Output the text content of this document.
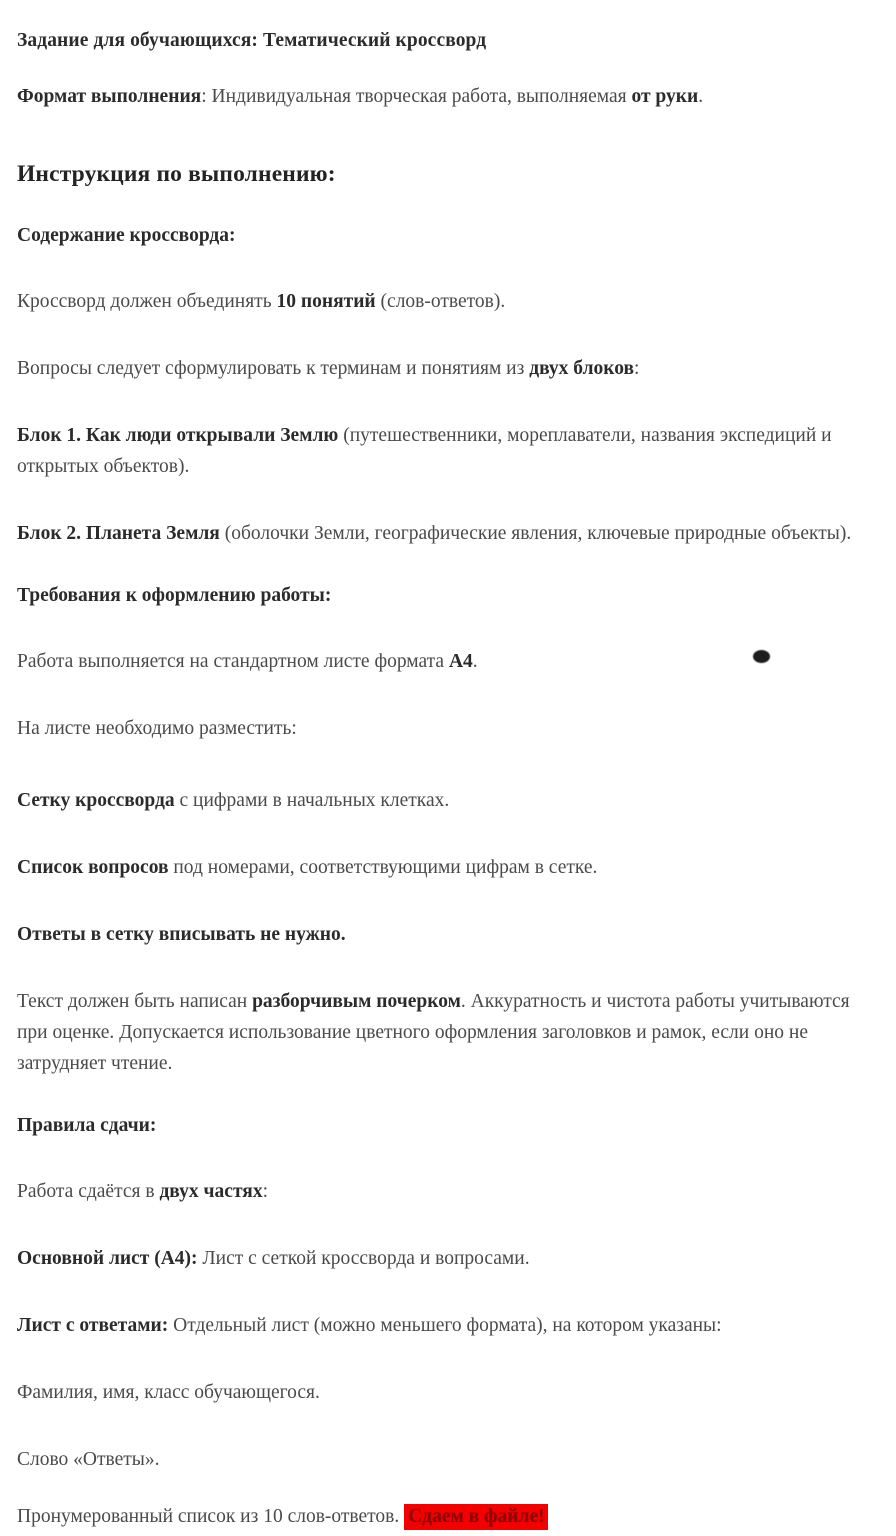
Задание для обучающихся: Тематический кроссворд

Формат выполнения: Индивидуальная творческая работа, выполняемая от руки.

Инструкция по выполнению:

Содержание кроссворда:

Кроссворд должен объединять 10 понятий (слов-ответов).

Вопросы следует сформулировать к терминам и понятиям из двух блоков:

Блок 1. Как люди открывали Землю (путешественники, мореплаватели, названия экспедиций и открытых объектов).

Блок 2. Планета Земля (оболочки Земли, географические явления, ключевые природные объекты).

Требования к оформлению работы:

Работа выполняется на стандартном листе формата А4.

На листе необходимо разместить:

Сетку кроссворда с цифрами в начальных клетках.

Список вопросов под номерами, соответствующими цифрам в сетке.

Ответы в сетку вписывать не нужно.

Текст должен быть написан разборчивым почерком. Аккуратность и чистота работы учитываются при оценке. Допускается использование цветного оформления заголовков и рамок, если оно не затрудняет чтение.

Правила сдачи:

Работа сдаётся в двух частях:

Основной лист (А4): Лист с сеткой кроссворда и вопросами.

Лист с ответами: Отдельный лист (можно меньшего формата), на котором указаны:

Фамилия, имя, класс обучающегося.

Слово «Ответы».

Пронумерованный список из 10 слов-ответов. Сдаем в файле!
